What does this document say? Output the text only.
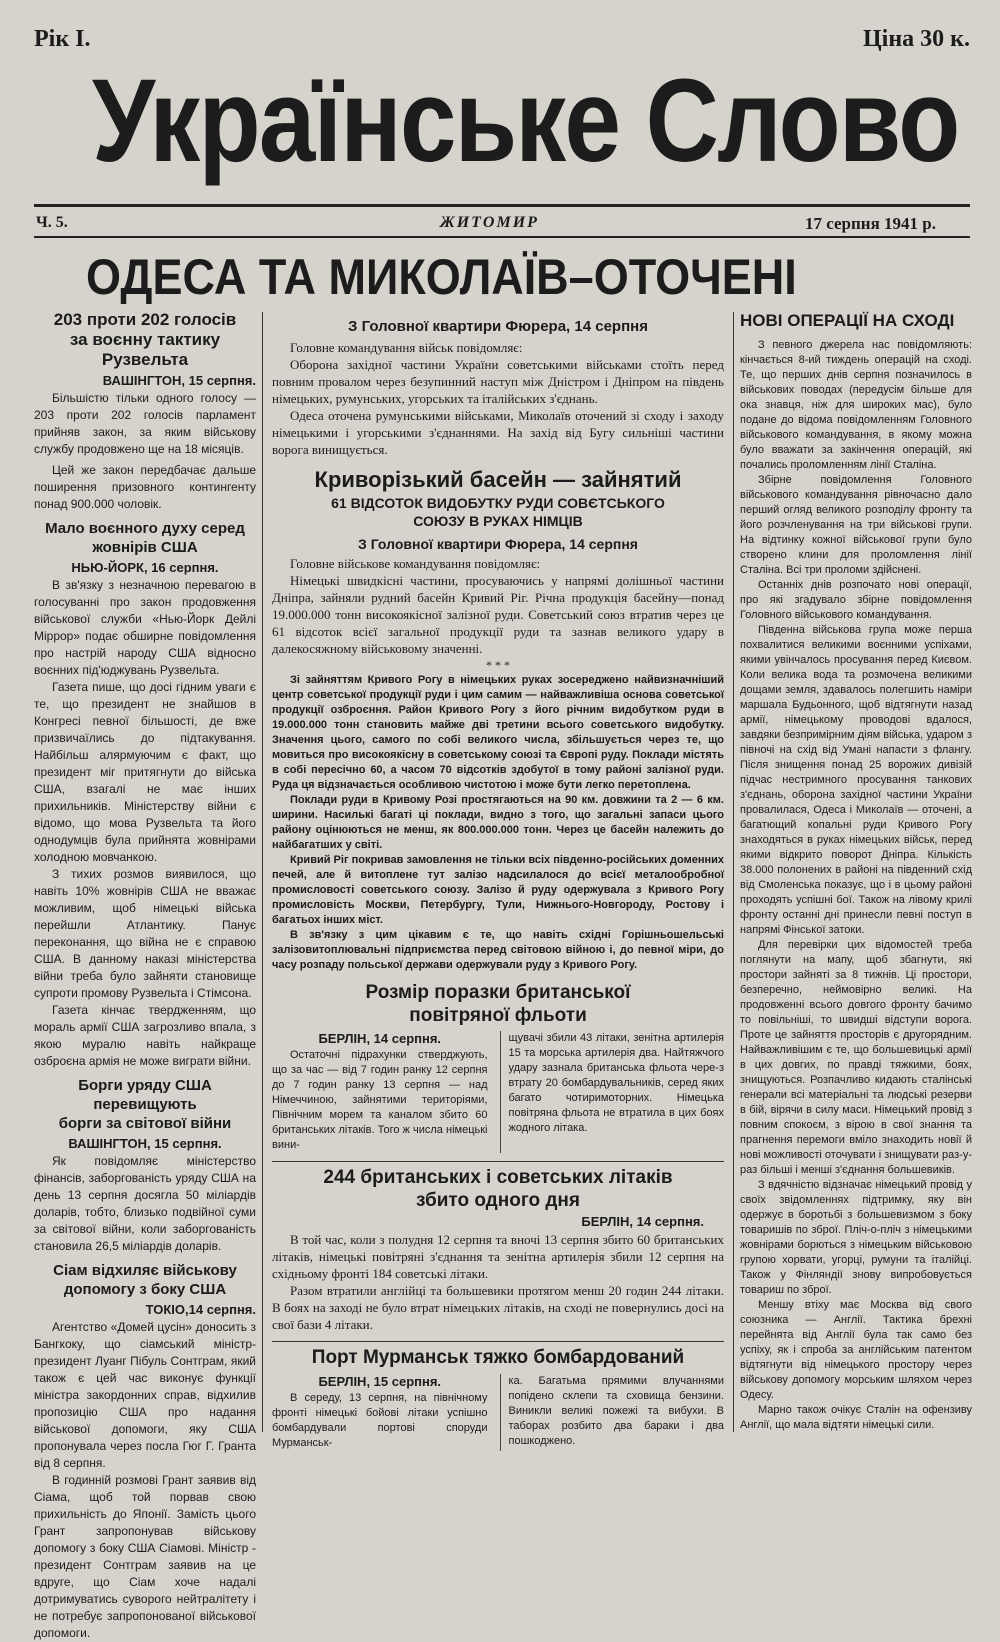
Рік І.	Ціна 30 к.
Українське Слово
Ч. 5.	ЖИТОМИР	17 серпня 1941 р.
ОДЕСА ТА МИКОЛАЇВ–ОТОЧЕНІ
203 проти 202 голосів
за воєнну тактику Рузвельта
ВАШІНГТОН, 15 серпня.

Більшістю тільки одного голосу — 203 проти 202 голосів парламент прийняв закон, за яким військову службу продовжено ще на 18 місяців.

Цей же закон передбачає дальше поширення призовного контингенту понад 900.000 чоловік.

Мало воєнного духу серед
жовнірів США
НЬЮ-ЙОРК, 16 серпня.

В зв'язку з незначною перевагою в голосуванні про закон продовження військової служби «Нью-Йорк Дейлі Міррор» подає обширне повідомлення про настрій народу США відносно воєнних під'юджувань Рузвельта.

Газета пише, що досі гідним уваги є те, що президент не знайшов в Конгресі певної більшості, де вже призвичаїлись до підтакування. Найбільш алярмуючим є факт, що президент міг притягнути до війська США, взагалі не має інших прихильників. Міністерству війни є відомо, що мова Рузвельта та його однодумців була прийнята жовнірами холодною мовчанкою.

З тихих розмов виявилося, що навіть 10% жовнірів США не вважає можливим, щоб німецькі війська перейшли Атлантику. Панує переконання, що війна не є справою США. В данному наказі міністерства війни треба було зайняти становище супроти промову Рузвельта і Стімсона.

Газета кінчає твердженням, що мораль армії США загрозливо впала, з якою муралю навіть найкраще озброєна армія не може виграти війни.

Борги уряду США перевищують
борги за світової війни
ВАШІНГТОН, 15 серпня.

Як повідомляє міністерство фінансів, заборгованість уряду США на день 13 серпня досягла 50 міліардів доларів, тобто, близько подвійної суми за світової війни, коли заборгованість становила 26,5 міліардів доларів.

Сіам відхиляє військову
допомогу з боку США
ТОКІО,14 серпня.

Агентство «Домей цусін» доносить з Бангкоку, що сіамський міністр-президент Луанг Пібуль Сонтграм, який також є цей час виконує функції міністра закордонних справ, відхилив пропозицію США про надання військової допомоги, яку США пропонувала через посла Гюг Г. Гранта від 8 серпня.

В годинній розмові Грант заявив від Сіама, щоб той порвав свою прихильність до Японії. Замість цього Грант запропонував військову допомогу з боку США Сіамові. Міністр - президент Сонтграм заявив на це вдруге, що Сіам хоче надалі дотримуватись суворого нейтралітету і не потребує запропонованої військової допомоги.

З Головної квартири Фюрера, 14 серпня

Головне командування військ повідомляє:

Оборона західної частини України советськими військами стоїть перед повним провалом через безупинний наступ між Дністром і Дніпром на південь німецьких, румунських, угорських та італійських з'єднань.

Одеса оточена румунськими військами, Миколаїв оточений зі сходу і заходу німецькими і угорськими з'єднаннями. На захід від Бугу сильніші частини ворога винищується.

Криворізький басейн — зайнятий
61 ВІДСОТОК ВИДОБУТКУ РУДИ СОВЄТСЬКОГО
СОЮЗУ В РУКАХ НІМЦІВ
З Головної квартири Фюрера, 14 серпня

Головне військове командування повідомляє:

Німецькі швидкісні частини, просуваючись у напрямі долішньої частини Дніпра, зайняли рудний басейн Кривий Ріг. Річна продукція басейну—понад 19.000.000 тонн високоякісної залізної руди. Советський союз втратив через це 61 відсоток всієї загальної продукції руди та зазнав великого удару в далекосяжному військовому значенні.

* * *

Зі зайняттям Кривого Рогу в німецьких руках зосереджено найвизначніший центр советської продукції руди і цим самим — найважливіша основа советської продукції озброєння. Район Кривого Рогу з його річним видобутком руди в 19.000.000 тонн становить майже дві третини всього советського видобутку. Значення цього, самого по собі великого числа, збільшується через те, що мовиться про високоякісну в советському союзі та Європі руду. Поклади містять в собі пересічно 60, а часом 70 відсотків здобутої в тому районі залізної руди. Руда ця відзначається особливою чистотою і може бути легко перетоплена.

Поклади руди в Кривому Розі простягаються на 90 км. довжини та 2 — 6 км. ширини. Насилькі багаті ці поклади, видно з того, що загальні запаси цього району оцінюються не менш, як 800.000.000 тонн. Через це басейн належить до найбагатших у світі.

Кривий Ріг покривав замовлення не тільки всіх південно-російських доменних печей, але й витоплене тут залізо надсилалося до всієї металообробної промисловості советського союзу. Залізо й руду одержувала з Кривого Рогу промисловість Москви, Петербургу, Тули, Нижнього-Новгороду, Ростову і багатьох інших міст.

В зв'язку з цим цікавим є те, що навіть східні Горішньошельські залізовитоплювальні підприємства перед світовою війною і, до певної міри, до часу розпаду польської держави одержували руду з Кривого Рогу.

Розмір поразки британської
повітряної фльоти
БЕРЛІН, 14 серпня.

Остаточні підрахунки стверджують, що за час — від 7 годин ранку 12 серпня до 7 годин ранку 13 серпня — над Німеччиною, зайнятими територіями, Північним морем та каналом збито 60 британських літаків. Того ж числа німецькі вини-

щувачі збили 43 літаки, зенітна артилерія 15 та морська артилерія два. Найтяжчого удару зазнала британська фльота чере-з втрату 20 бомбардувальників, серед яких багато чотиримоторних. Німецька повітряна фльота не втратила в цих боях жодного літака.

244 британських і советських літаків
збито одного дня
БЕРЛІН, 14 серпня.

В той час, коли з полудня 12 серпня та вночі 13 серпня збито 60 британських літаків, німецькі повітряні з'єднання та зенітна артилерія збили 12 серпня на східньому фронті 184 советські літаки.

Разом втратили англійці та большевики протягом менш 20 годин 244 літаки. В боях на заході не було втрат німецьких літаків, на сході не повернулись досі на свої бази 4 літаки.

Порт Мурманськ тяжко бомбардований
БЕРЛІН, 15 серпня.

В середу, 13 серпня, на північному фронті німецькі бойові літаки успішно бомбардували портові споруди Мурманськ-

ка. Багатьма прямими влучаннями попідено склепи та сховища бензини. Виникли великі пожежі та вибухи. В таборах розбито два бараки і два пошкоджено.

НОВІ ОПЕРАЦІЇ НА СХОДІ

З певного джерела нас повідомляють: кінчається 8-ий тиждень операцій на сході. Те, що перших днів серпня позначилось в військових поводах (передусім більше для ока знавця, ніж для широких мас), було подане до відома повідомленням Головного військового командування, в якому можна було вважати за закінчення операцій, які почались проломленням лінії Сталіна.

Збірне повідомлення Головного військового командування рівночасно дало перший огляд великого розподілу фронту та його розчленування на три військові групи. На відтинку кожної військової групи було створено клини для проломлення лінії Сталіна. Всі три проломи здійснені.

Останніх днів розпочато нові операції, про які згадувало збірне повідомлення Головного військового командування.

Південна військова група може перша похвалитися великими воєнними успіхами, якими увінчалось просування перед Києвом. Коли велика вода та розмочена великими дощами земля, здавалось полегшить наміри маршала Будьонного, щоб відтягнути назад армії, німецькому проводові вдалося, завдяки безпримірним діям війська, ударом з півночі на схід від Умані напасти з флангу. Після знищення понад 25 ворожих дивізій підчас нестримного просування танкових з'єднань, оборона західної частини України провалилася, Одеса і Миколаїв — оточені, а багатющий копальні руди Кривого Рогу знаходяться в руках німецьких військ, перед якими відкрито поворот Дніпра. Кількість 38.000 полонених в районі на південний схід від Смоленська показує, що і в цьому районі проходять успішні бої. Також на лівому крилі фронту останні дні принесли певні поступ в напрямі Фінської затоки.

Для перевірки цих відомостей треба поглянути на мапу, щоб збагнути, які простори зайняті за 8 тижнів. Ці простори, безперечно, неймовірно великі. На продовженні всього довгого фронту бачимо то повільніші, то швидші відступи ворога. Проте це зайняття просторів є другорядним. Найважливішим є те, що большевицькі армії в цих довгих, по правді тяжкими, боях, знищуються. Розпачливо кидають сталінські генерали всі матеріальні та людські резерви в бій, вірячи в силу маси. Німецький провід з повним спокоєм, з вірою в свої знання та прагнення перемоги вміло знаходить новії й нові можливості оточувати і знищувати раз-у-раз більші і менші з'єднання большевиків.

З вдячністю відзначає німецький провід у своїх звідомленнях підтримку, яку він одержує в боротьбі з большевизмом з боку товаришів по зброї. Пліч-о-пліч з німецькими жовнірами борються з німецьким військовою групою хорвати, угорці, румуни та італійці. Також у Фінляндії знову випробовується товариш по зброї.

Меншу втіху має Москва від свого союзника — Англії. Тактика брехні перейнята від Англії була так само без успіху, як і спроба за англійським патентом відтягнути від німецького простору через військову допомогу морським шляхом через Одесу.

Марно також очікує Сталін на офензиву Англії, що мала відтяти німецькі сили.
